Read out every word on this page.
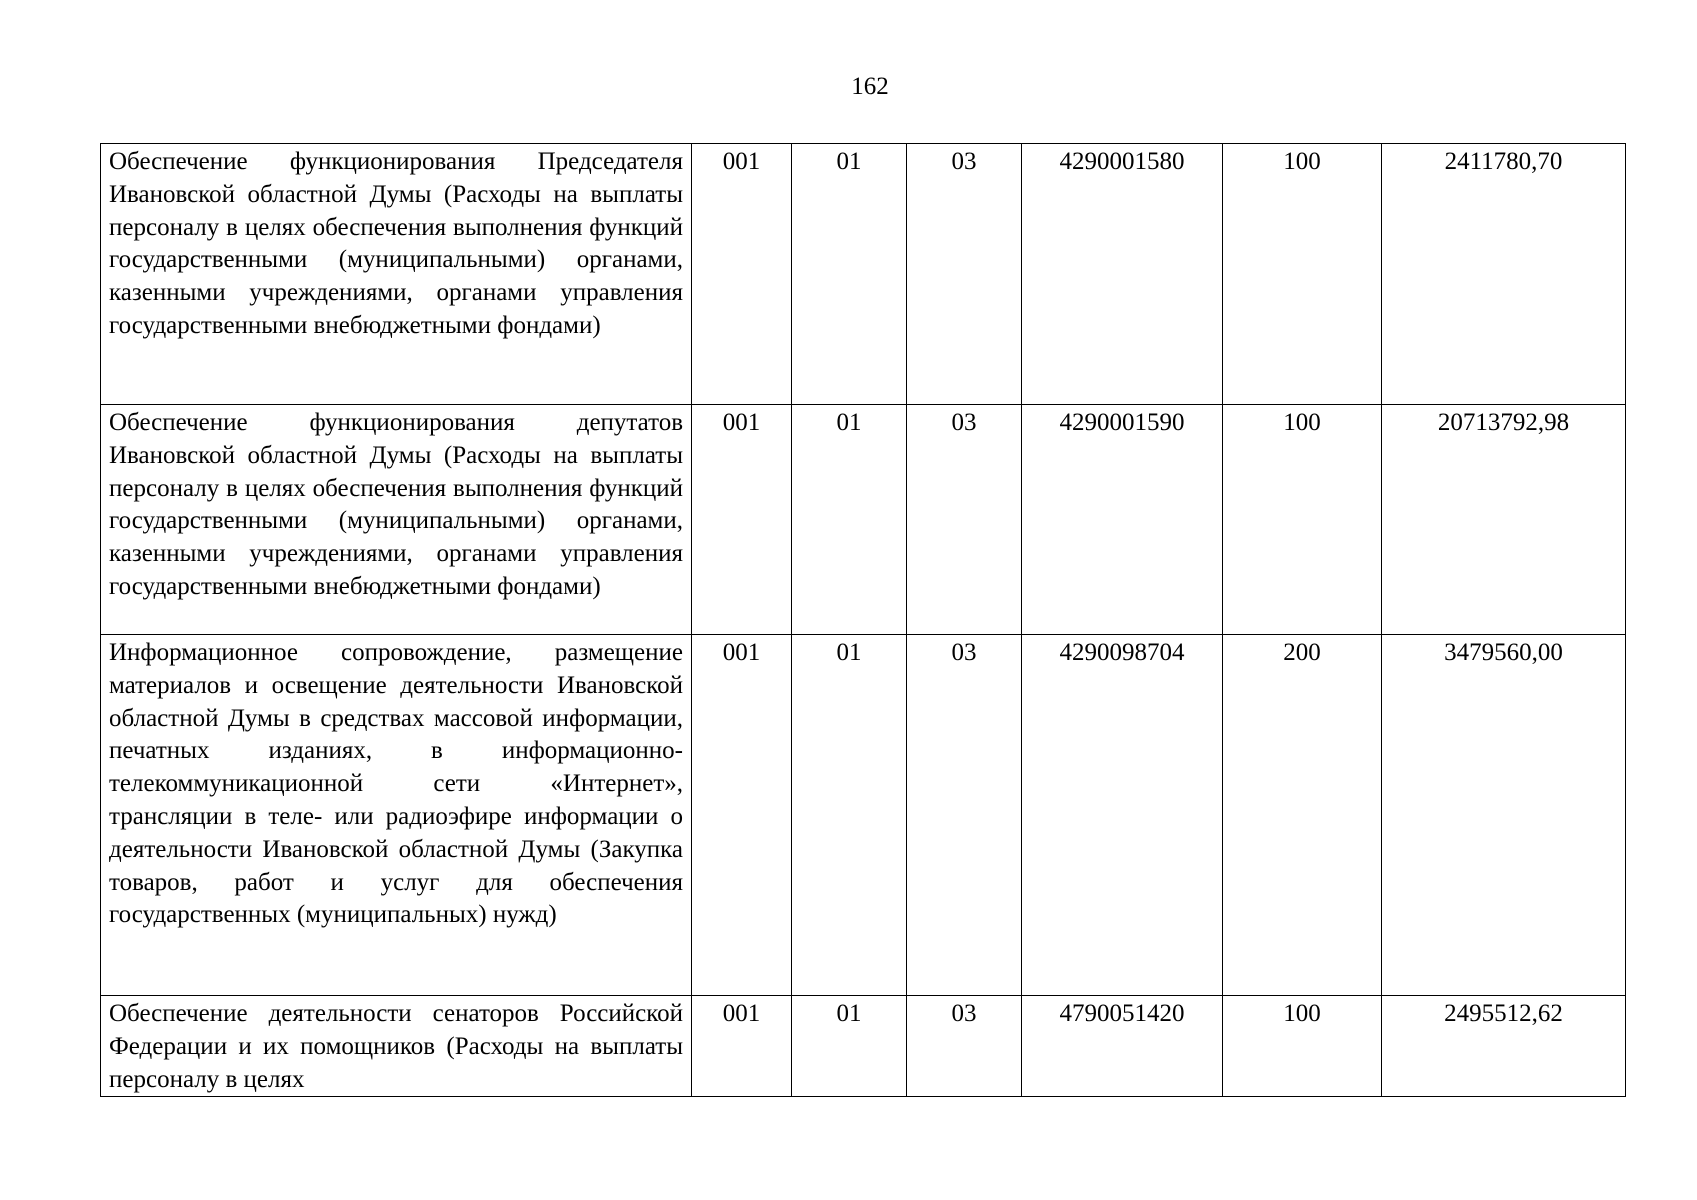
162
Обеспечение функционирования Председателя Ивановской областной Думы (Расходы на выплаты персоналу в целях обеспечения выполнения функций государственными (муниципальными) органами, казенными учреждениями, органами управления государственными внебюджетными фондами)	001	01	03	4290001580	100	2411780,70
Обеспечение функционирования депутатов Ивановской областной Думы (Расходы на выплаты персоналу в целях обеспечения выполнения функций государственными (муниципальными) органами, казенными учреждениями, органами управления государственными внебюджетными фондами)	001	01	03	4290001590	100	20713792,98
Информационное сопровождение, размещение материалов и освещение деятельности Ивановской областной Думы в средствах массовой информации, печатных изданиях, в информационно-телекоммуникационной сети «Интернет», трансляции в теле- или радиоэфире информации о деятельности Ивановской областной Думы (Закупка товаров, работ и услуг для обеспечения государственных (муниципальных) нужд)	001	01	03	4290098704	200	3479560,00
Обеспечение деятельности сенаторов Российской Федерации и их помощников (Расходы на выплаты персоналу в целях	001	01	03	4790051420	100	2495512,62
